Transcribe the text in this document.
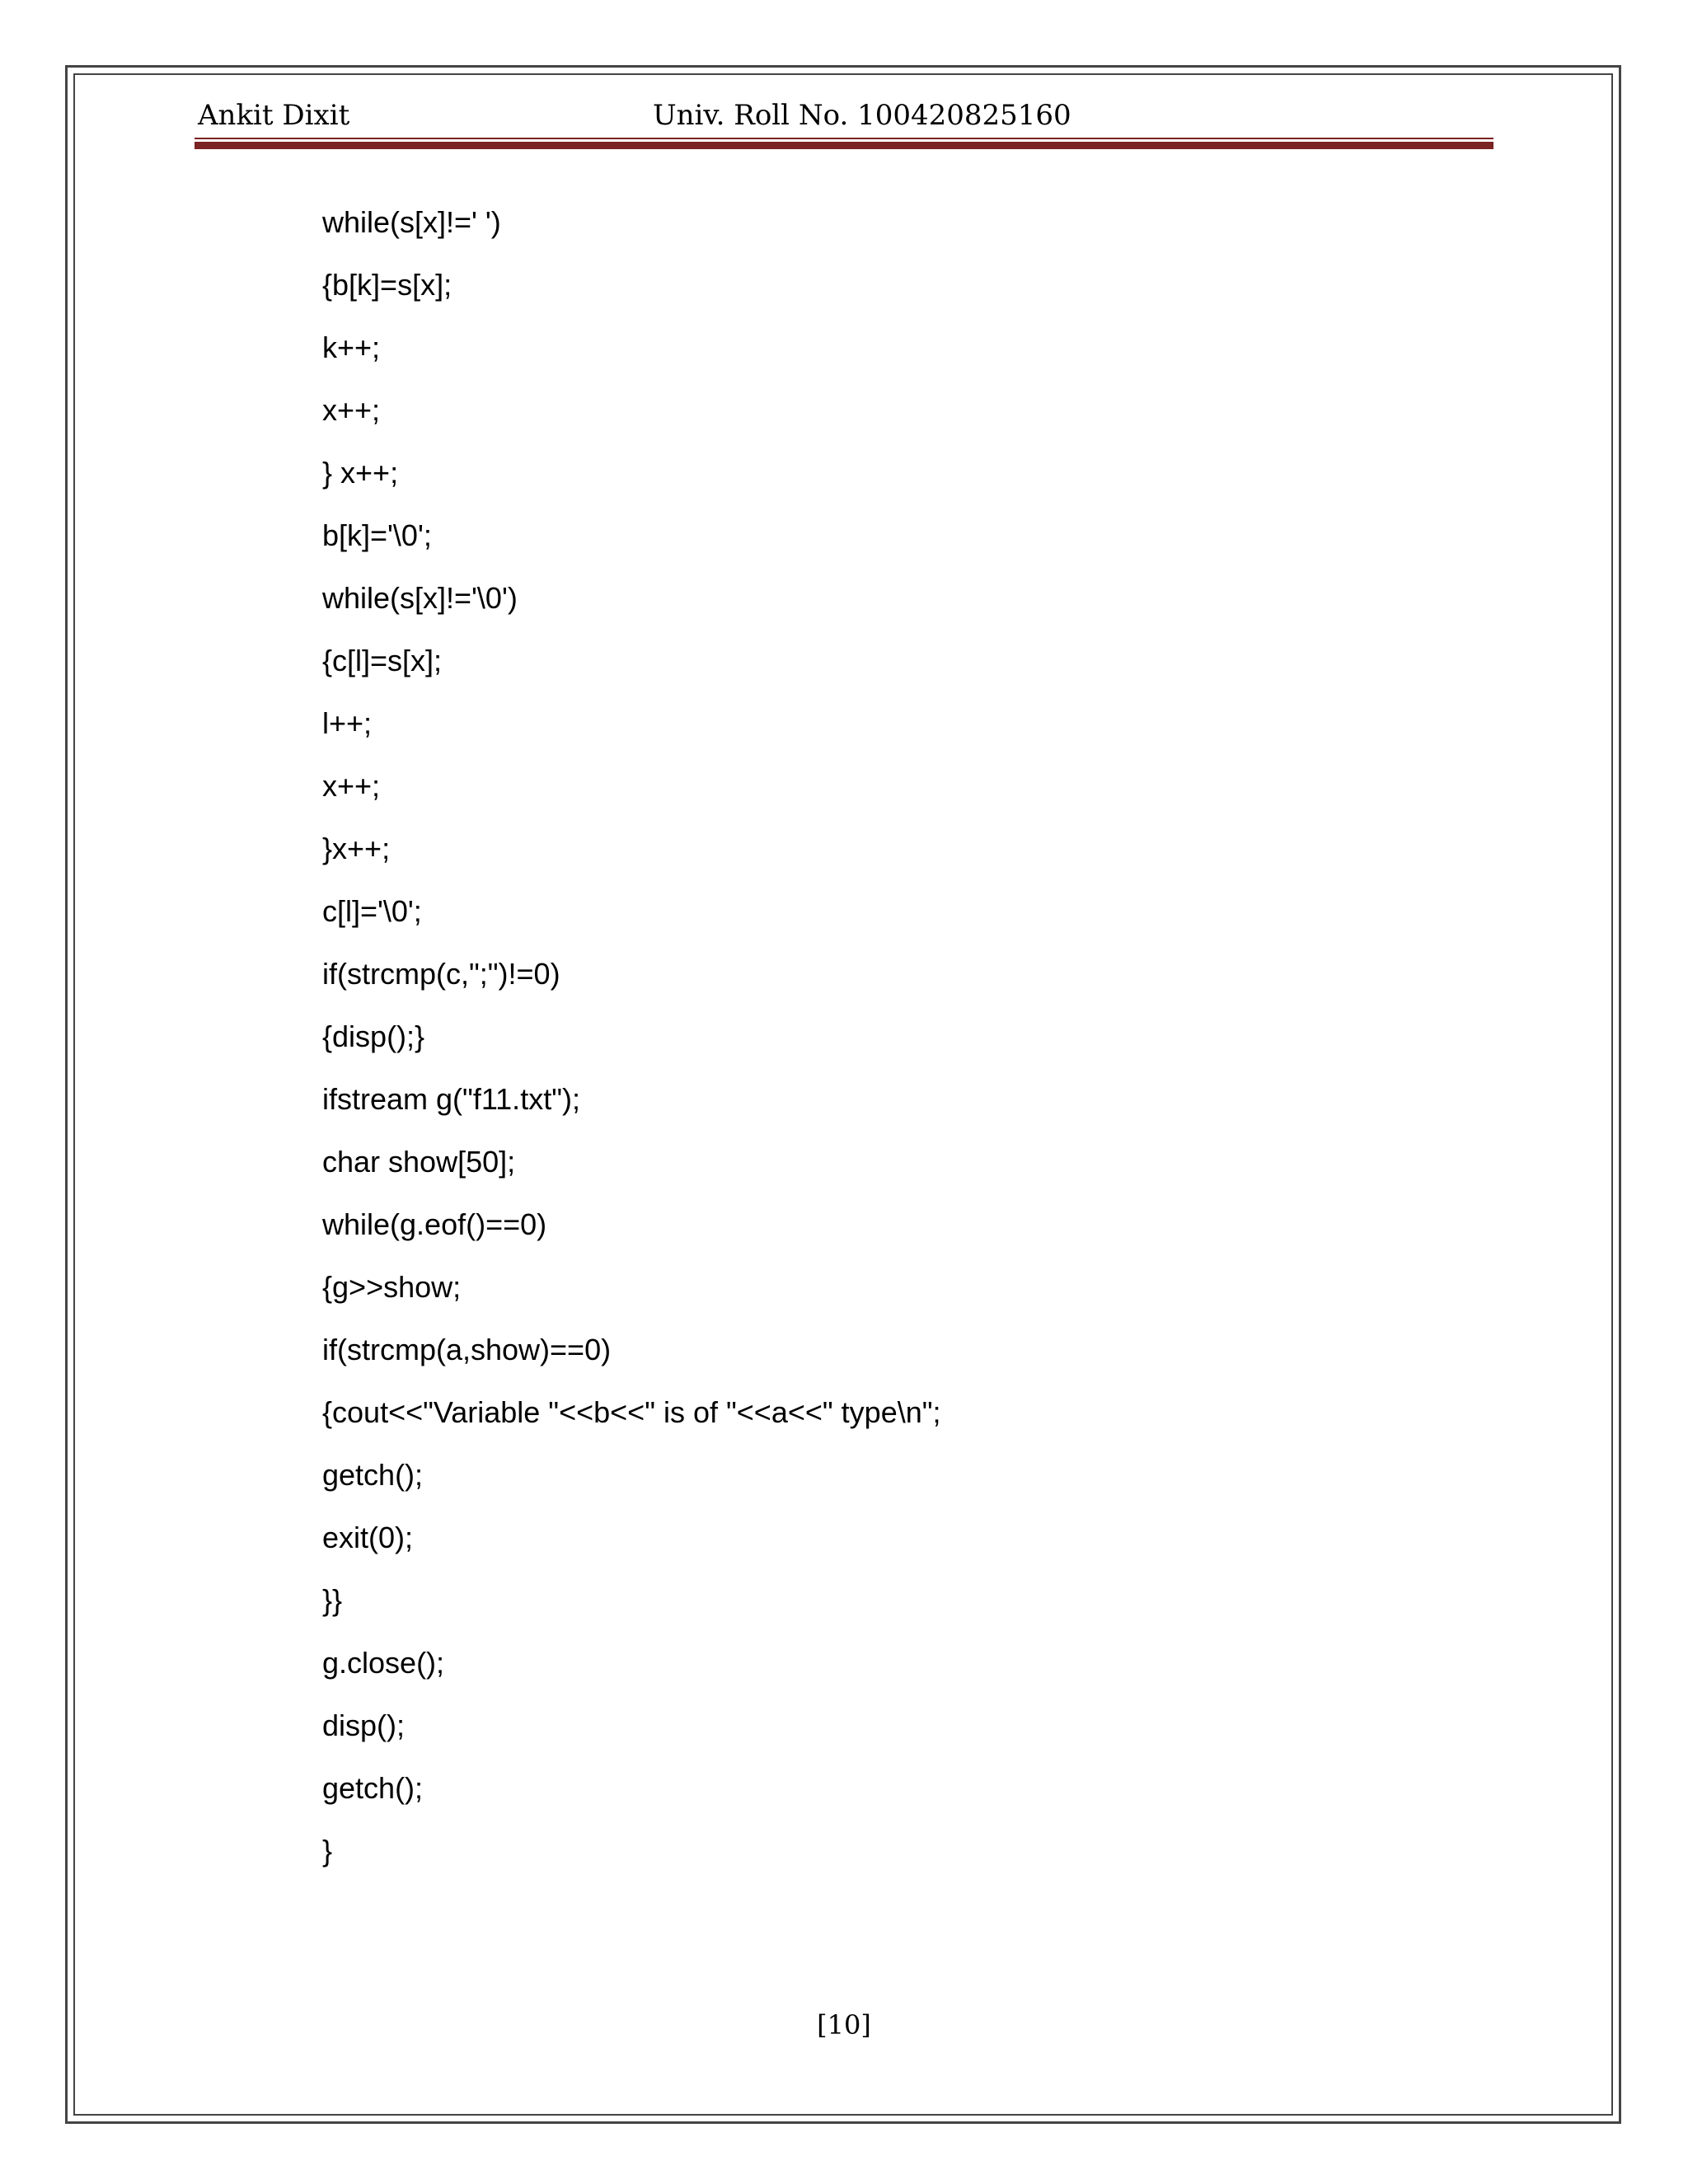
Ankit Dixit	Univ. Roll No. 100420825160
while(s[x]!=' ')
{b[k]=s[x];
k++;
x++;
} x++;
b[k]='\0';
while(s[x]!='\0')
{c[l]=s[x];
l++;
x++;
}x++;
c[l]='\0';
if(strcmp(c,";")!=0)
{disp();}
ifstream g("f11.txt");
char show[50];
while(g.eof()==0)
{g>>show;
if(strcmp(a,show)==0)
{cout<<"Variable "<<b<<" is of "<<a<<" type\n";
getch();
exit(0);
}}
g.close();
disp();
getch();
}
[10]
